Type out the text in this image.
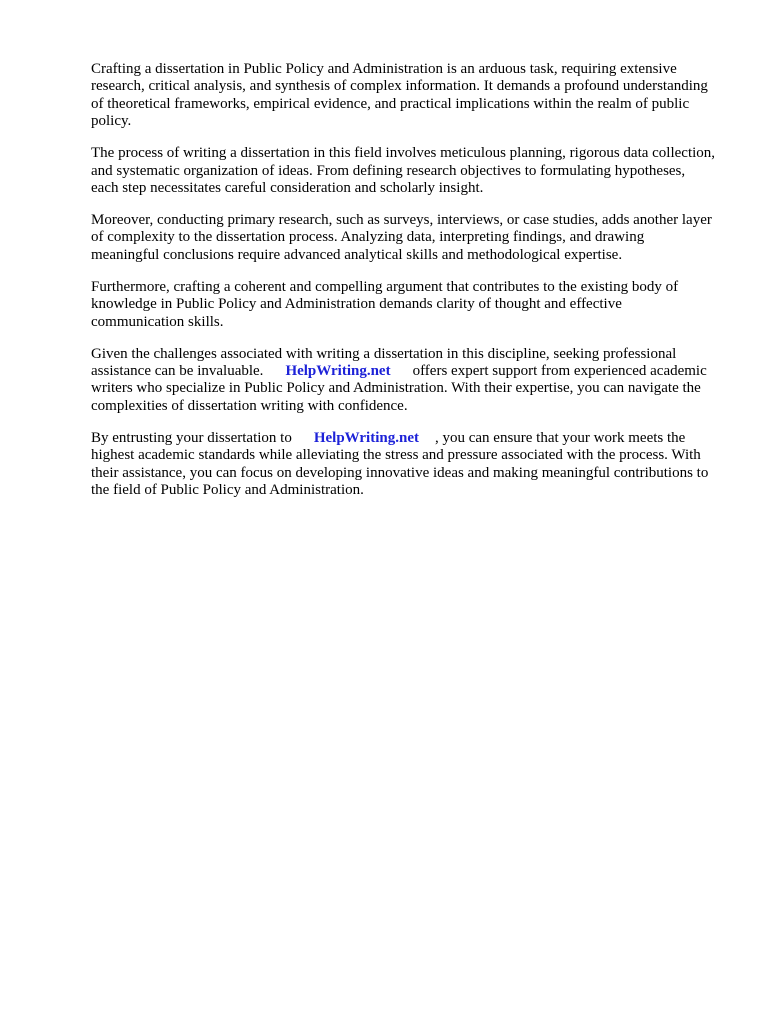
Crafting a dissertation in Public Policy and Administration is an arduous task, requiring extensive research, critical analysis, and synthesis of complex information. It demands a profound understanding of theoretical frameworks, empirical evidence, and practical implications within the realm of public policy.

The process of writing a dissertation in this field involves meticulous planning, rigorous data collection, and systematic organization of ideas. From defining research objectives to formulating hypotheses, each step necessitates careful consideration and scholarly insight.

Moreover, conducting primary research, such as surveys, interviews, or case studies, adds another layer of complexity to the dissertation process. Analyzing data, interpreting findings, and drawing meaningful conclusions require advanced analytical skills and methodological expertise.

Furthermore, crafting a coherent and compelling argument that contributes to the existing body of knowledge in Public Policy and Administration demands clarity of thought and effective communication skills.

Given the challenges associated with writing a dissertation in this discipline, seeking professional assistance can be invaluable. HelpWriting.net offers expert support from experienced academic writers who specialize in Public Policy and Administration. With their expertise, you can navigate the complexities of dissertation writing with confidence.

By entrusting your dissertation to HelpWriting.net , you can ensure that your work meets the highest academic standards while alleviating the stress and pressure associated with the process. With their assistance, you can focus on developing innovative ideas and making meaningful contributions to the field of Public Policy and Administration.
